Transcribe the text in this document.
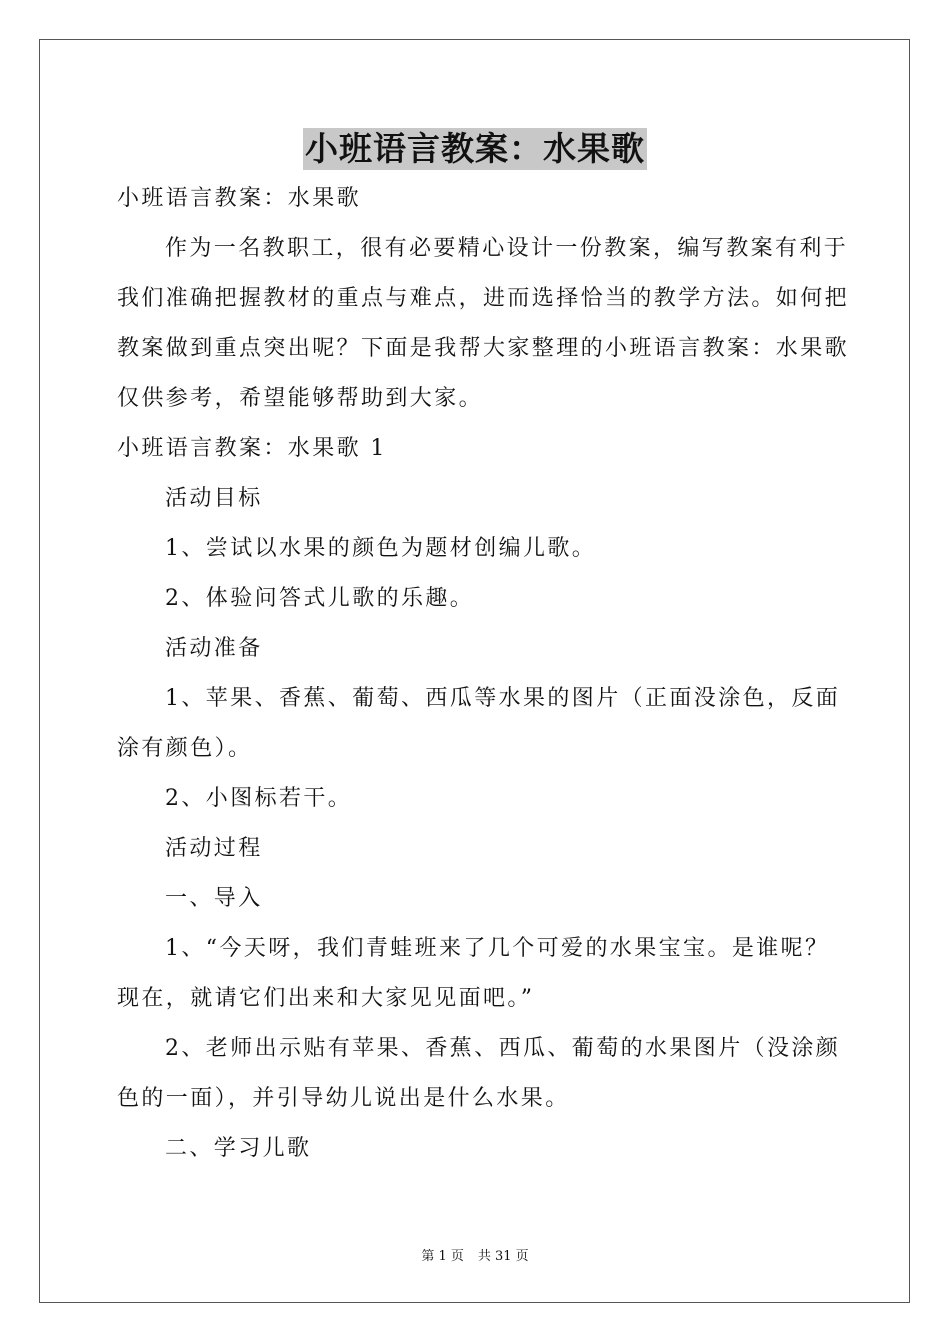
小班语言教案：水果歌
小班语言教案：水果歌
作为一名教职工，很有必要精心设计一份教案，编写教案有利于
我们准确把握教材的重点与难点，进而选择恰当的教学方法。如何把
教案做到重点突出呢？下面是我帮大家整理的小班语言教案：水果歌
仅供参考，希望能够帮助到大家。
小班语言教案：水果歌 1
活动目标
1、尝试以水果的颜色为题材创编儿歌。
2、体验问答式儿歌的乐趣。
活动准备
1、苹果、香蕉、葡萄、西瓜等水果的图片（正面没涂色，反面
涂有颜色）。
2、小图标若干。
活动过程
一、导入
1、“今天呀，我们青蛙班来了几个可爱的水果宝宝。是谁呢？
现在，就请它们出来和大家见见面吧。”
2、老师出示贴有苹果、香蕉、西瓜、葡萄的水果图片（没涂颜
色的一面），并引导幼儿说出是什么水果。
二、学习儿歌
第 1 页 共 31 页
